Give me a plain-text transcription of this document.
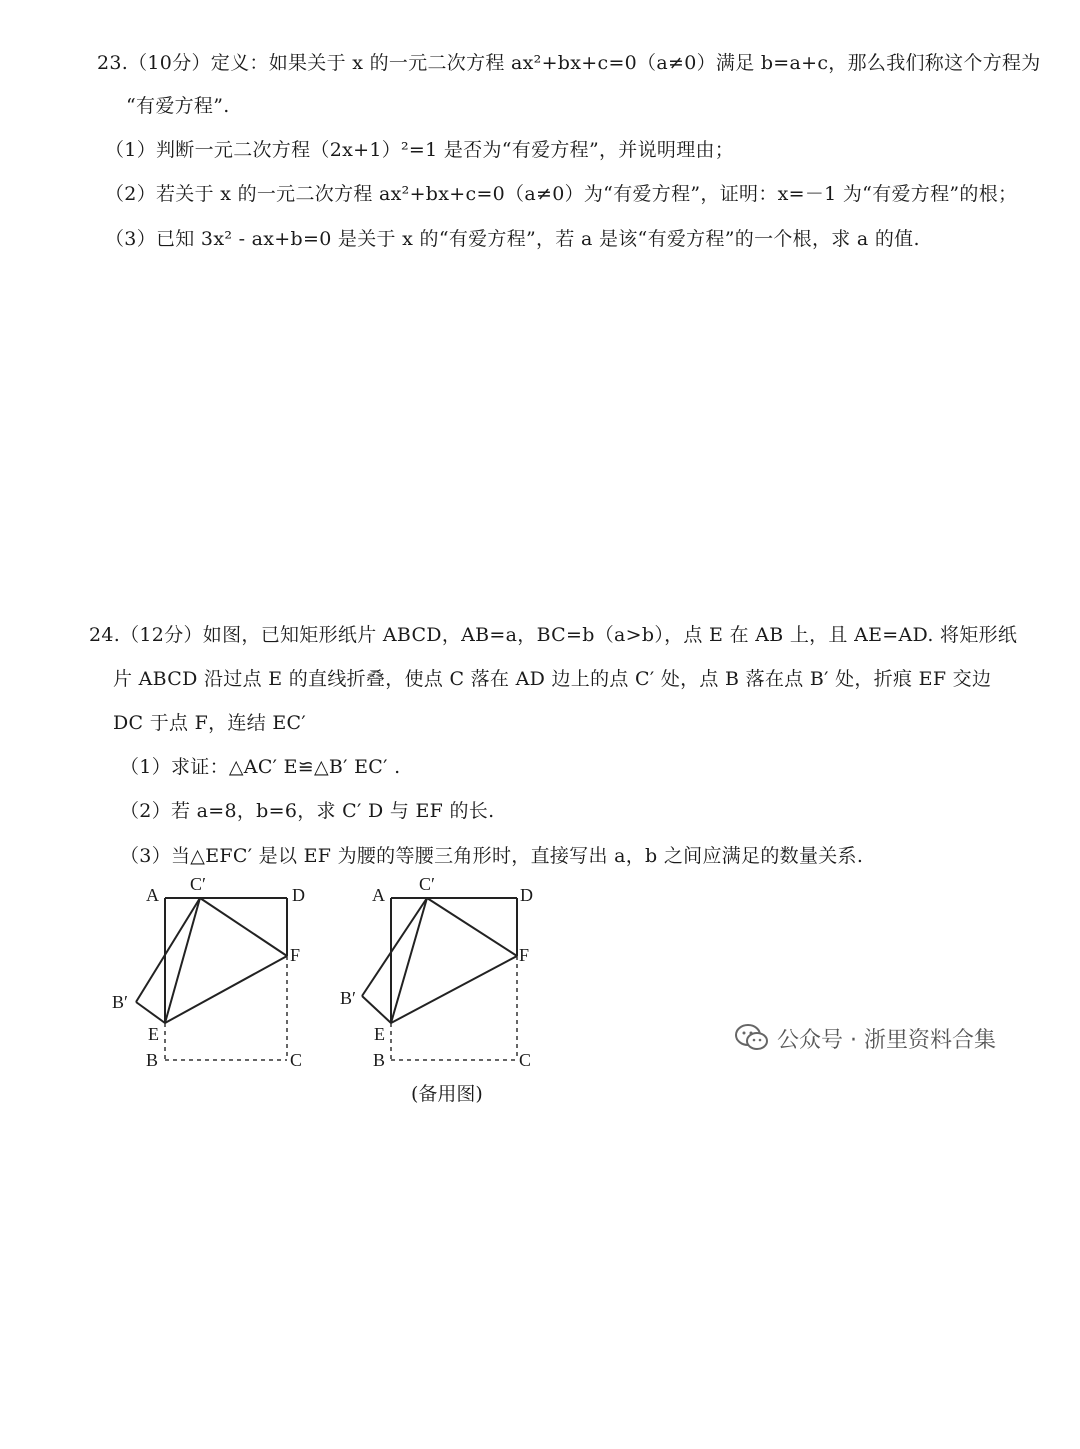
23.（10分）定义：如果关于 x 的一元二次方程 ax²+bx+c=0（a≠0）满足 b=a+c，那么我们称这个方程为
“有爱方程”.
（1）判断一元二次方程（2x+1）²=1 是否为“有爱方程”，并说明理由；
（2）若关于 x 的一元二次方程 ax²+bx+c=0（a≠0）为“有爱方程”，证明：x=－1 为“有爱方程”的根；
（3）已知 3x² - ax+b=0 是关于 x 的“有爱方程”，若 a 是该“有爱方程”的一个根，求 a 的值.
24.（12分）如图，已知矩形纸片 ABCD，AB=a，BC=b（a>b），点 E 在 AB 上，且 AE=AD. 将矩形纸
片 ABCD 沿过点 E 的直线折叠，使点 C 落在 AD 边上的点 C′ 处，点 B 落在点 B′ 处，折痕 EF 交边
DC 于点 F，连结 EC′
（1）求证：△AC′ E≌△B′ EC′ .
（2）若 a=8，b=6，求 C′ D 与 EF 的长.
（3）当△EFC′ 是以 EF 为腰的等腰三角形时，直接写出 a，b 之间应满足的数量关系.
A
C′
D
F
B′
E
B	C
A
C′
D
F
B′
E
B	C
(备用图)
公众号 · 浙里资料合集
